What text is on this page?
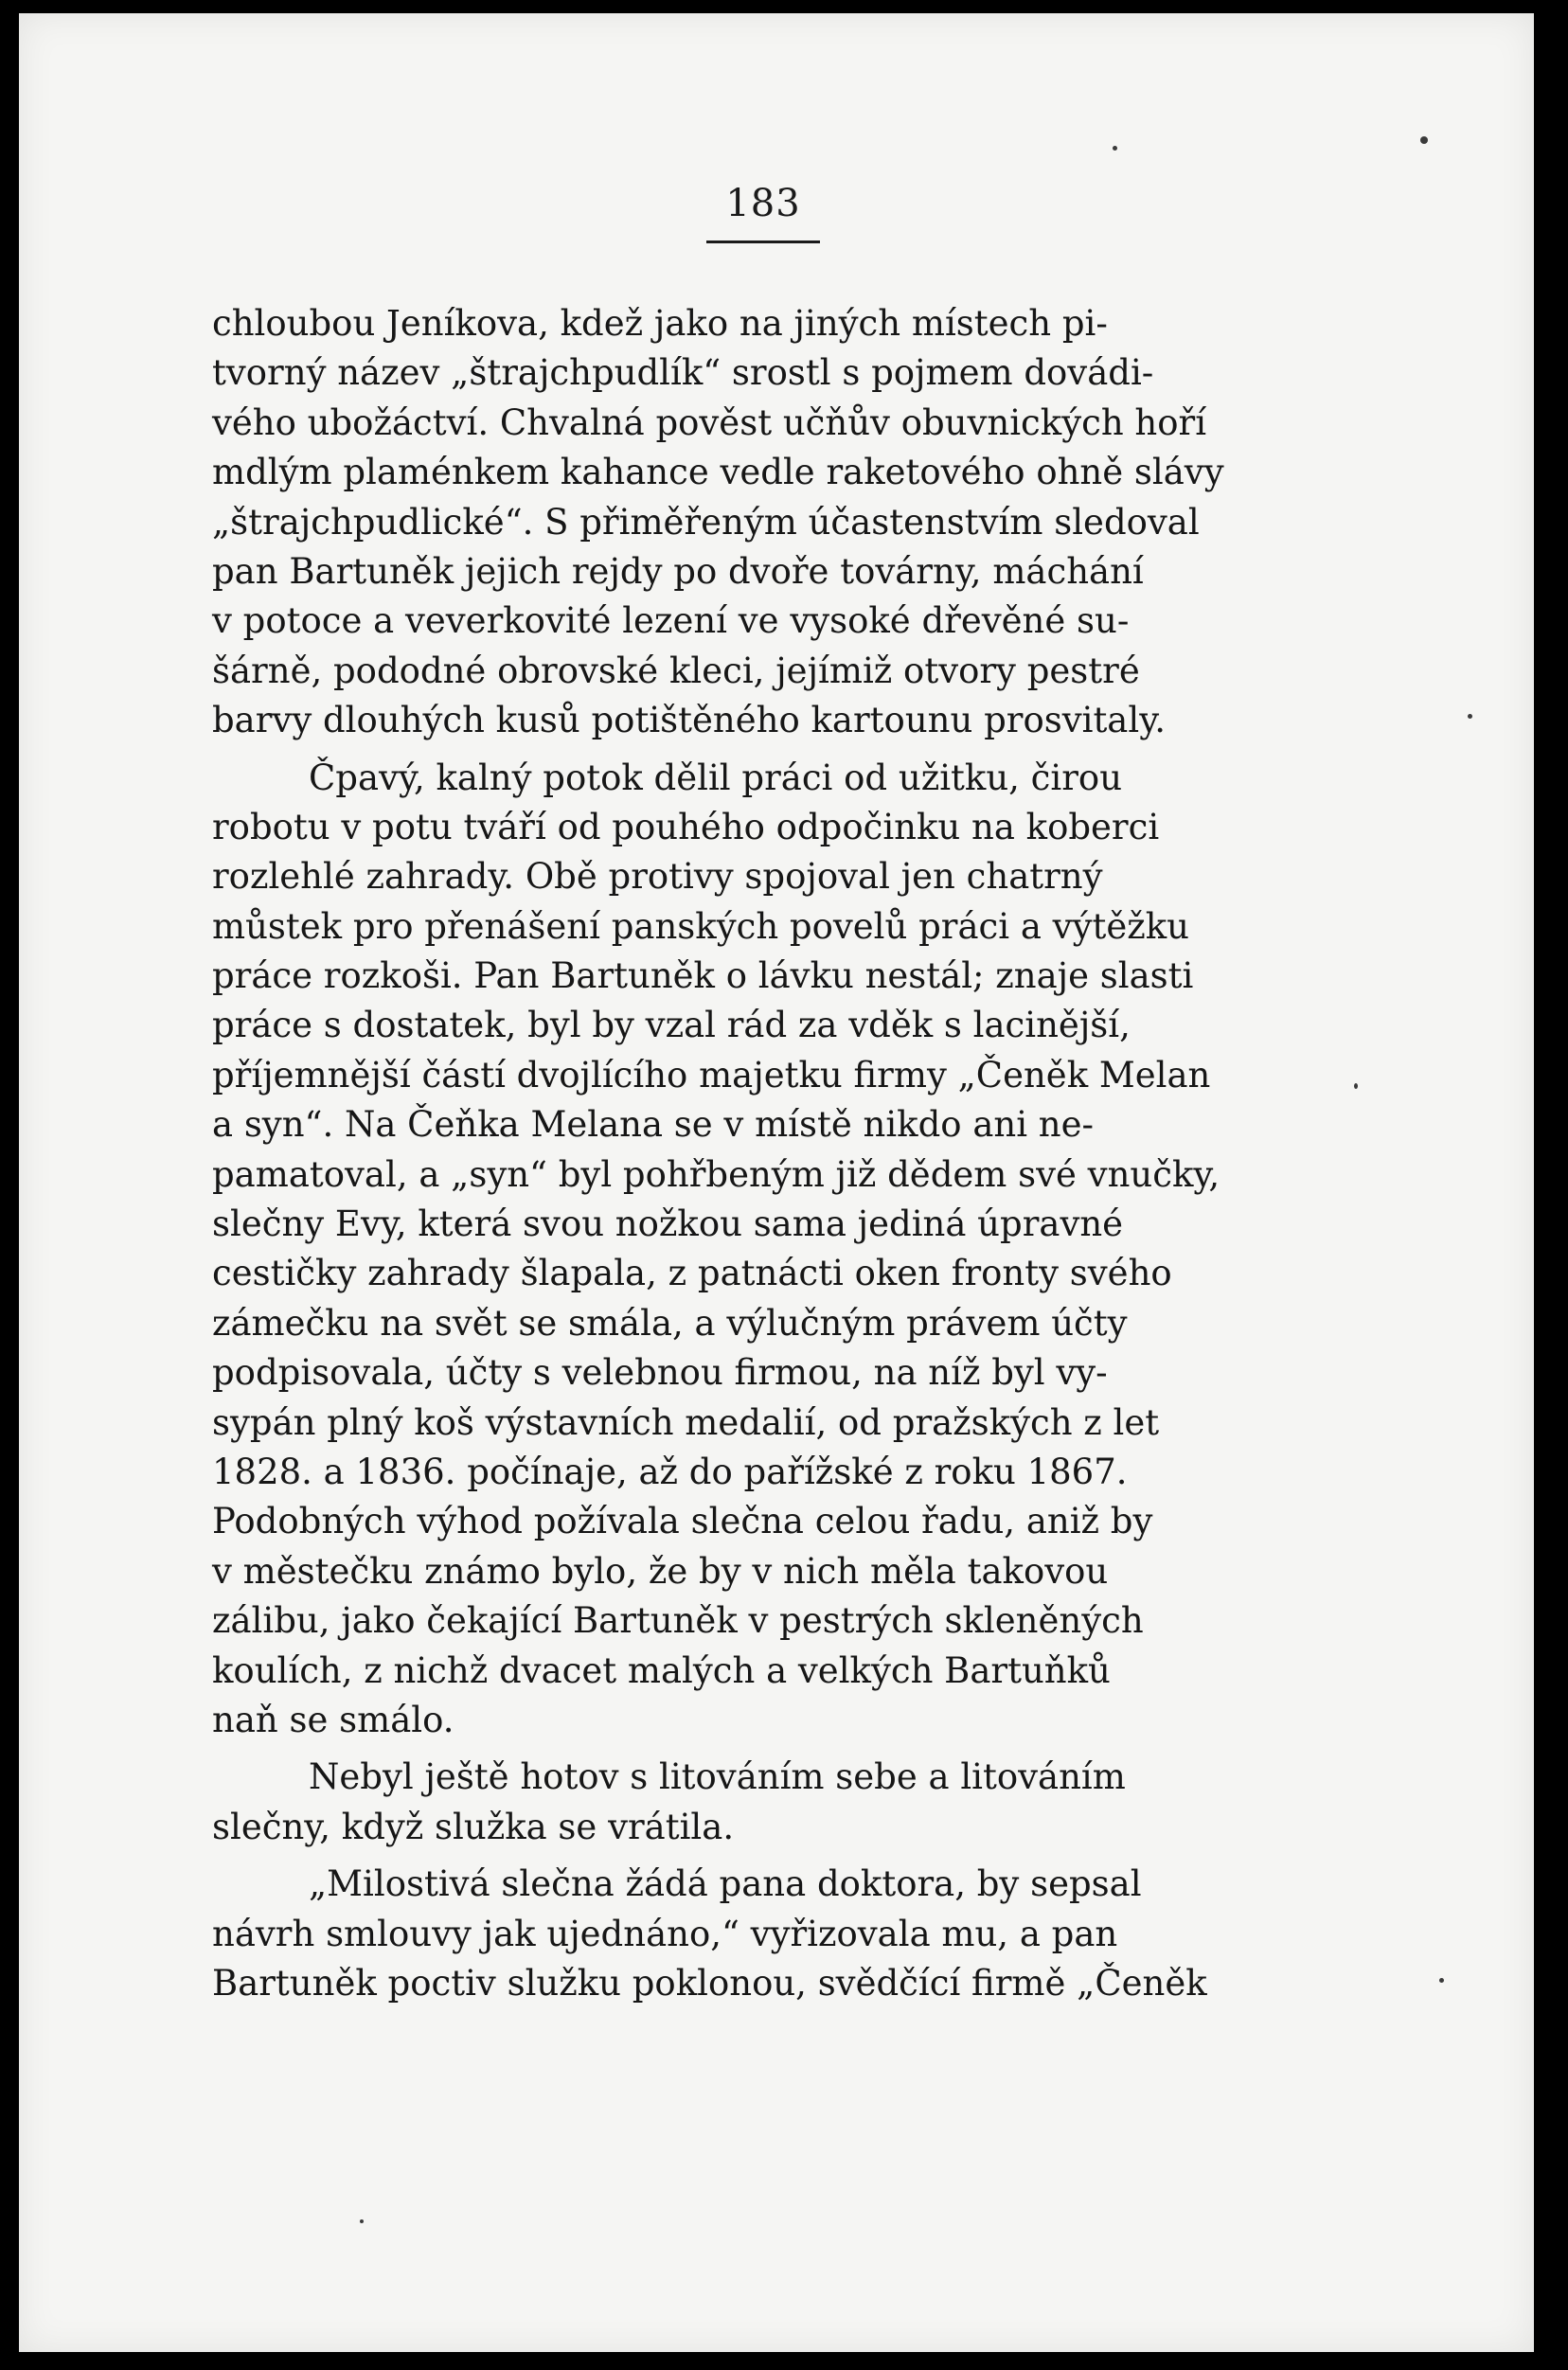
183

chloubou Jeníkova, kdež jako na jiných místech pi-
tvorný název „štrajchpudlík“ srostl s pojmem dovádi-
vého ubožáctví. Chvalná pověst učňův obuvnických hoří
mdlým plaménkem kahance vedle raketového ohně slávy
„štrajchpudlické“. S přiměřeným účastenstvím sledoval
pan Bartuněk jejich rejdy po dvoře továrny, máchání
v potoce a veverkovité lezení ve vysoké dřevěné su-
šárně, pododné obrovské kleci, jejímiž otvory pestré
barvy dlouhých kusů potištěného kartounu prosvitaly.

Čpavý, kalný potok dělil práci od užitku, čirou
robotu v potu tváří od pouhého odpočinku na koberci
rozlehlé zahrady. Obě protivy spojoval jen chatrný
můstek pro přenášení panských povelů práci a výtěžku
práce rozkoši. Pan Bartuněk o lávku nestál; znaje slasti
práce s dostatek, byl by vzal rád za vděk s lacinější,
příjemnější částí dvojlícího majetku firmy „Čeněk Melan
a syn“. Na Čeňka Melana se v místě nikdo ani ne-
pamatoval, a „syn“ byl pohřbeným již dědem své vnučky,
slečny Evy, která svou nožkou sama jediná úpravné
cestičky zahrady šlapala, z patnácti oken fronty svého
zámečku na svět se smála, a výlučným právem účty
podpisovala, účty s velebnou firmou, na níž byl vy-
sypán plný koš výstavních medalií, od pražských z let
1828. a 1836. počínaje, až do pařížské z roku 1867.
Podobných výhod požívala slečna celou řadu, aniž by
v městečku známo bylo, že by v nich měla takovou
zálibu, jako čekající Bartuněk v pestrých skleněných
koulích, z nichž dvacet malých a velkých Bartuňků
naň se smálo.

Nebyl ještě hotov s litováním sebe a litováním
slečny, když služka se vrátila.

„Milostivá slečna žádá pana doktora, by sepsal
návrh smlouvy jak ujednáno,“ vyřizovala mu, a pan
Bartuněk poctiv služku poklonou, svědčící firmě „Čeněk
